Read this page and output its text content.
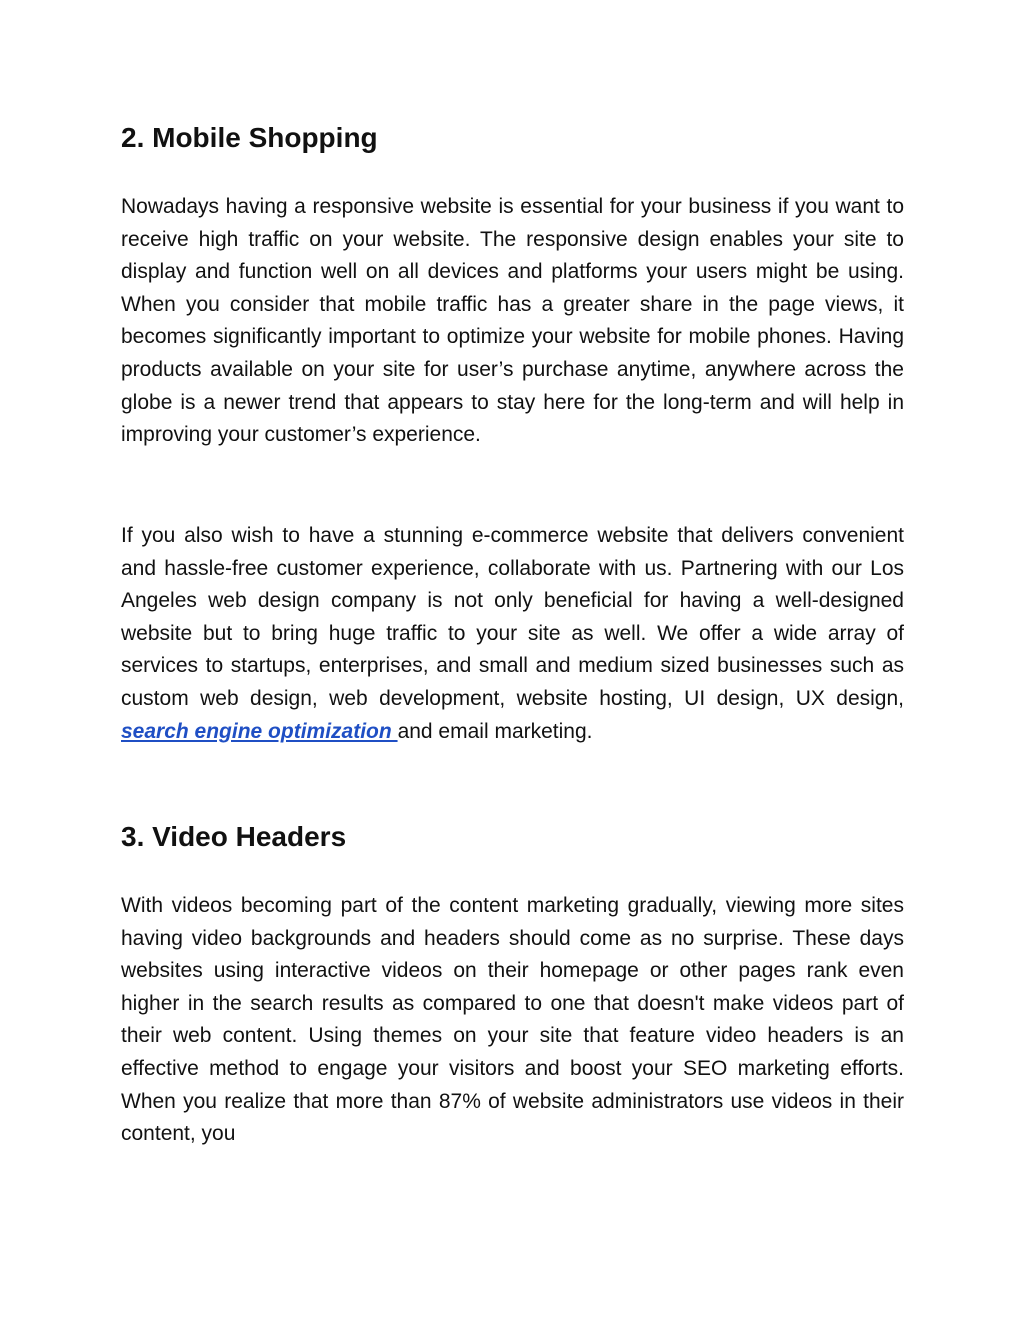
2. Mobile Shopping

Nowadays having a responsive website is essential for your business if you want to receive high traffic on your website. The responsive design enables your site to display and function well on all devices and platforms your users might be using. When you consider that mobile traffic has a greater share in the page views, it becomes significantly important to optimize your website for mobile phones. Having products available on your site for user’s purchase anytime, anywhere across the globe is a newer trend that appears to stay here for the long-term and will help in improving your customer’s experience.

If you also wish to have a stunning e-commerce website that delivers convenient and hassle-free customer experience, collaborate with us. Partnering with our Los Angeles web design company is not only beneficial for having a well-designed website but to bring huge traffic to your site as well. We offer a wide array of services to startups, enterprises, and small and medium sized businesses such as custom web design, web development, website hosting, UI design, UX design, search engine optimization and email marketing.

3. Video Headers

With videos becoming part of the content marketing gradually, viewing more sites having video backgrounds and headers should come as no surprise. These days websites using interactive videos on their homepage or other pages rank even higher in the search results as compared to one that doesn't make videos part of their web content. Using themes on your site that feature video headers is an effective method to engage your visitors and boost your SEO marketing efforts. When you realize that more than 87% of website administrators use videos in their content, you
